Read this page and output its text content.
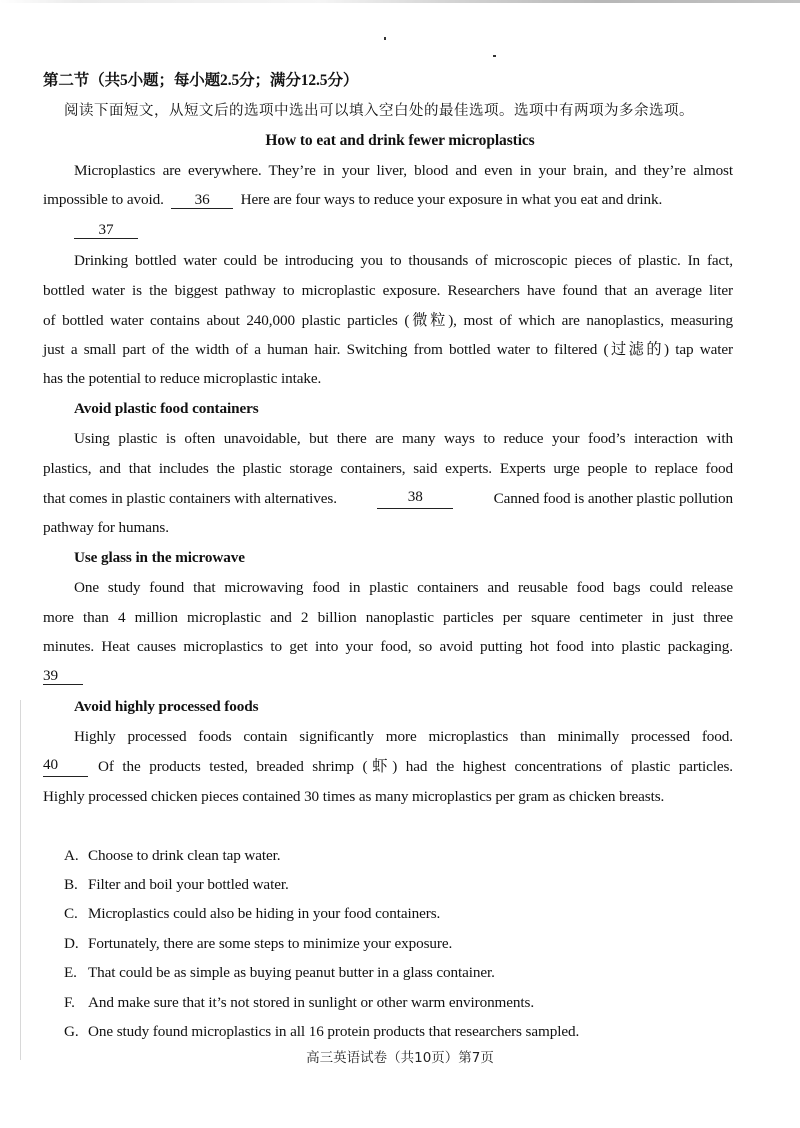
第二节（共5小题；每小题2.5分；满分12.5分）
阅读下面短文，从短文后的选项中选出可以填入空白处的最佳选项。选项中有两项为多余选项。
How to eat and drink fewer microplastics
Microplastics are everywhere. They’re in your liver, blood and even in your brain, and they’re almost
impossible to avoid. 36 Here are four ways to reduce your exposure in what you eat and drink.
37
Drinking bottled water could be introducing you to thousands of microscopic pieces of plastic. In fact,
bottled water is the biggest pathway to microplastic exposure. Researchers have found that an average liter
of bottled water contains about 240,000 plastic particles (微粒), most of which are nanoplastics, measuring
just a small part of the width of a human hair. Switching from bottled water to filtered (过滤的) tap water
has the potential to reduce microplastic intake.
Avoid plastic food containers
Using plastic is often unavoidable, but there are many ways to reduce your food’s interaction with
plastics, and that includes the plastic storage containers, said experts. Experts urge people to replace food
that comes in plastic containers with alternatives.	38	Canned food is another plastic pollution
pathway for humans.
Use glass in the microwave
One study found that microwaving food in plastic containers and reusable food bags could release
more than 4 million microplastic and 2 billion nanoplastic particles per square centimeter in just three
minutes. Heat causes microplastics to get into your food, so avoid putting hot food into plastic packaging.
39
Avoid highly processed foods
Highly processed foods contain significantly more microplastics than minimally processed food.
40	Of the products tested, breaded shrimp (虾) had the highest concentrations of plastic particles.
Highly processed chicken pieces contained 30 times as many microplastics per gram as chicken breasts.
A. Choose to drink clean tap water.
B. Filter and boil your bottled water.
C. Microplastics could also be hiding in your food containers.
D. Fortunately, there are some steps to minimize your exposure.
E. That could be as simple as buying peanut butter in a glass container.
F. And make sure that it’s not stored in sunlight or other warm environments.
G. One study found microplastics in all 16 protein products that researchers sampled.
高三英语试卷（共10页）第7页
